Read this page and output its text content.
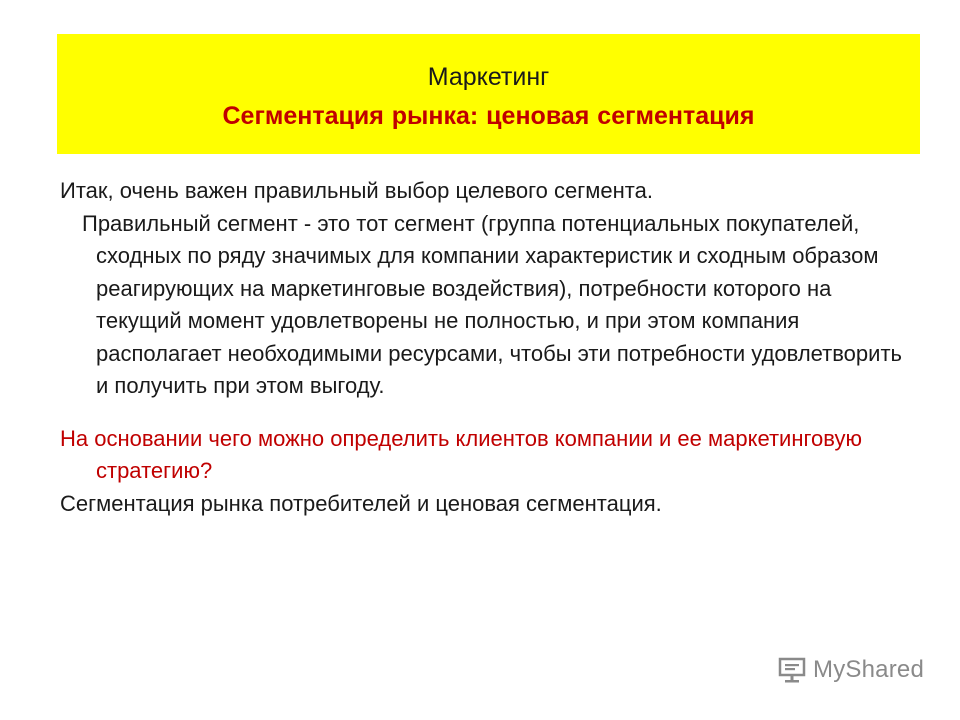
Маркетинг
Сегментация рынка: ценовая сегментация

Итак, очень важен правильный выбор целевого сегмента.

Правильный сегмент - это тот сегмент (группа потенциальных покупателей, сходных по ряду значимых для компании характеристик и сходным образом реагирующих на маркетинговые воздействия), потребности которого на текущий момент удовлетворены не полностью, и при этом компания располагает необходимыми ресурсами, чтобы эти потребности удовлетворить и получить при этом выгоду.

На основании чего можно определить клиентов компании и ее маркетинговую стратегию?

Сегментация рынка потребителей и ценовая сегментация.

MyShared
